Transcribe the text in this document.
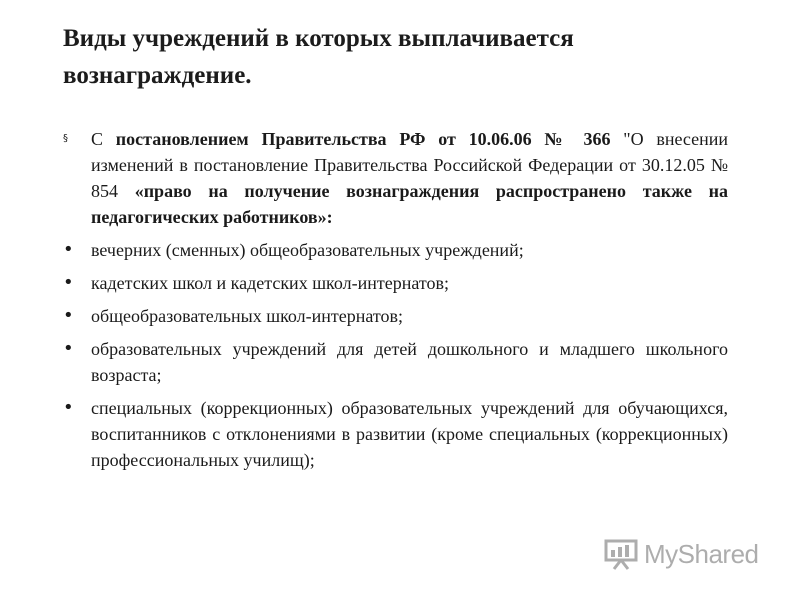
Виды учреждений в которых выплачивается вознаграждение.
§	С постановлением Правительства РФ от 10.06.06 № 366 "О внесении изменений в постановление Правительства Российской Федерации от 30.12.05 № 854 «право на получение вознаграждения распространено также на педагогических работников»:
• вечерних (сменных) общеобразовательных учреждений;
• кадетских школ и кадетских школ-интернатов;
• общеобразовательных школ-интернатов;
• образовательных учреждений для детей дошкольного и младшего школьного возраста;
• специальных (коррекционных) образовательных учреждений для обучающихся, воспитанников с отклонениями в развитии (кроме специальных (коррекционных) профессиональных училищ);
MyShared
